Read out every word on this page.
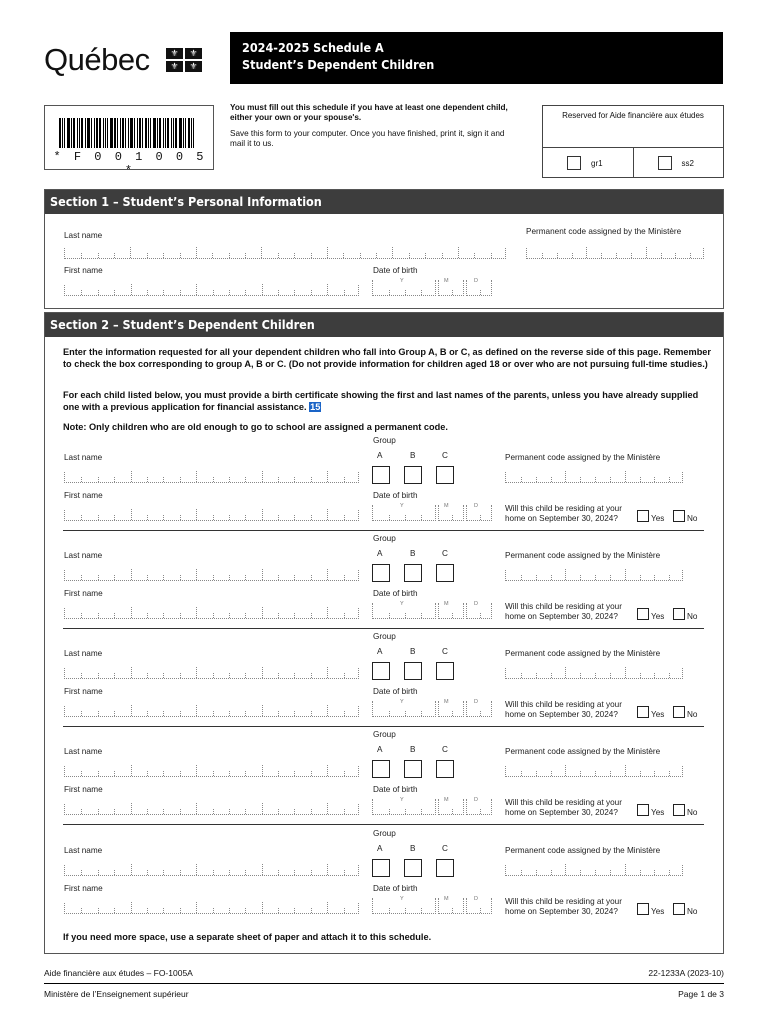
Québec	⚜	⚜
⚜	⚜
2024-2025 Schedule A
Student’s Dependent Children
* F 0 0 1 0 0 5 *
You must fill out this schedule if you have at least one dependent child, either your own or your spouse's.
Save this form to your computer. Once you have finished, print it, sign it and mail it to us.
Reserved for Aide financière aux études
gr1	ss2
Section 1 – Student’s Personal Information
Last name	Permanent code assigned by the Ministère
First name	Date of birth
Y	M	D
Section 2 – Student’s Dependent Children
Enter the information requested for all your dependent children who fall into Group A, B or C, as defined on the reverse side of this page. Remember to check the box corresponding to group A, B or C. (Do not provide information for children aged 18 or over who are not pursuing full-time studies.)
For each child listed below, you must provide a birth certificate showing the first and last names of the parents, unless you have already supplied one with a previous application for financial assistance. 15
Note: Only children who are old enough to go to school are assigned a permanent code.
Group
A	B	C
Last name	Permanent code assigned by the Ministère
First name	Date of birth
Y	M	D	Will this child be residing at your
home on September 30, 2024?	Yes	No
Group
A	B	C
Last name	Permanent code assigned by the Ministère
First name	Date of birth
Y	M	D	Will this child be residing at your
home on September 30, 2024?	Yes	No
Group
A	B	C
Last name	Permanent code assigned by the Ministère
First name	Date of birth
Y	M	D	Will this child be residing at your
home on September 30, 2024?	Yes	No
Group
A	B	C
Last name	Permanent code assigned by the Ministère
First name	Date of birth
Y	M	D	Will this child be residing at your
home on September 30, 2024?	Yes	No
Group
A	B	C
Last name	Permanent code assigned by the Ministère
First name	Date of birth
Y	M	D	Will this child be residing at your
home on September 30, 2024?	Yes	No
If you need more space, use a separate sheet of paper and attach it to this schedule.
Aide financière aux études – FO-1005A	22-1233A (2023-10)
Ministère de l’Enseignement supérieur	Page 1 de 3
